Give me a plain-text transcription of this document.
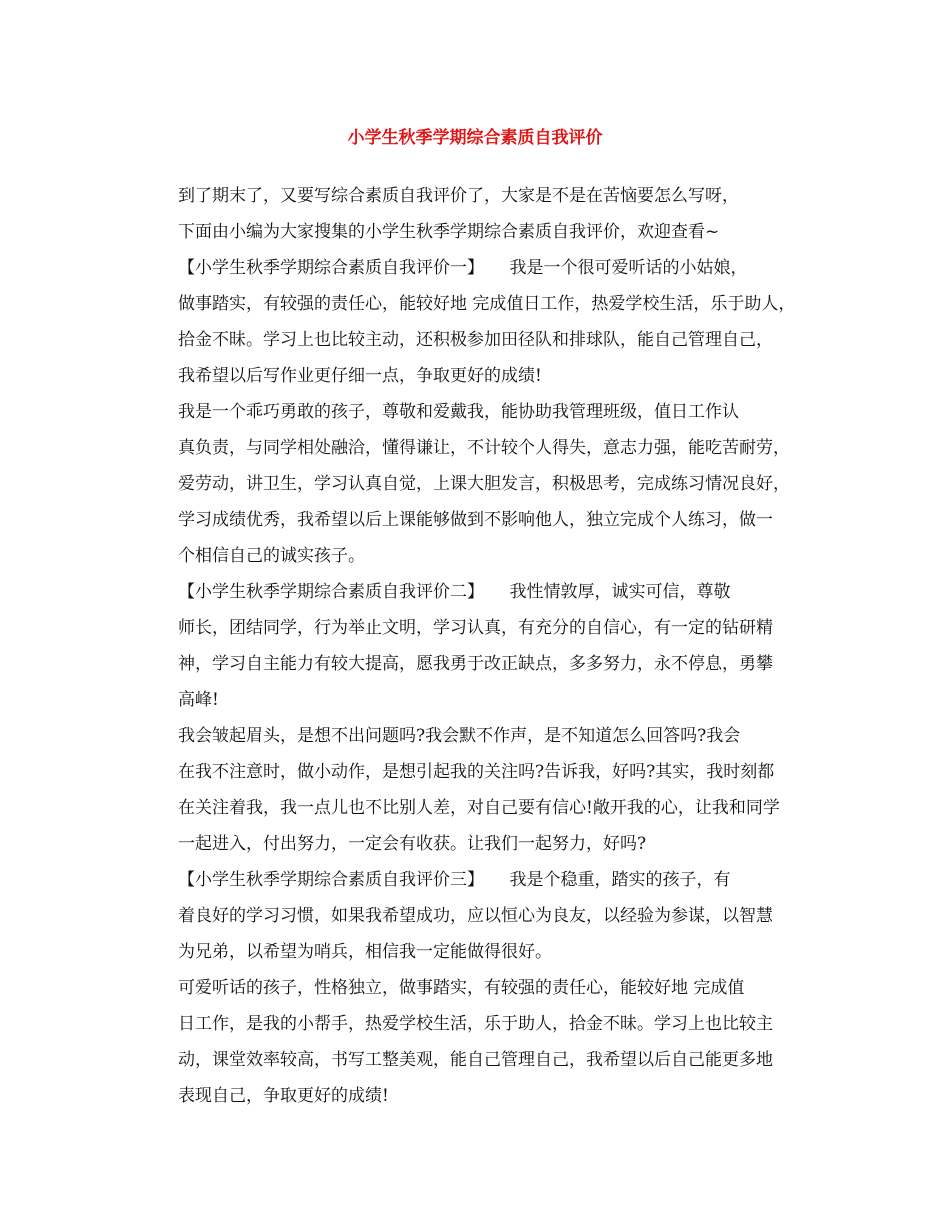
小学生秋季学期综合素质自我评价

到了期末了，又要写综合素质自我评价了，大家是不是在苦恼要怎么写呀，
下面由小编为大家搜集的小学生秋季学期综合素质自我评价，欢迎查看~

【小学生秋季学期综合素质自我评价一】　　我是一个很可爱听话的小姑娘，
做事踏实，有较强的责任心，能较好地 完成值日工作，热爱学校生活，乐于助人，
拾金不昧。学习上也比较主动，还积极参加田径队和排球队，能自己管理自己，
我希望以后写作业更仔细一点，争取更好的成绩!

我是一个乖巧勇敢的孩子，尊敬和爱戴我，能协助我管理班级，值日工作认
真负责，与同学相处融洽，懂得谦让，不计较个人得失，意志力强，能吃苦耐劳，
爱劳动，讲卫生，学习认真自觉，上课大胆发言，积极思考，完成练习情况良好，
学习成绩优秀，我希望以后上课能够做到不影响他人，独立完成个人练习，做一
个相信自己的诚实孩子。

【小学生秋季学期综合素质自我评价二】　　我性情敦厚，诚实可信，尊敬
师长，团结同学，行为举止文明，学习认真，有充分的自信心，有一定的钻研精
神，学习自主能力有较大提高，愿我勇于改正缺点，多多努力，永不停息，勇攀
高峰!

我会皱起眉头，是想不出问题吗?我会默不作声，是不知道怎么回答吗?我会
在我不注意时，做小动作，是想引起我的关注吗?告诉我，好吗?其实，我时刻都
在关注着我，我一点儿也不比别人差，对自己要有信心!敞开我的心，让我和同学
一起进入，付出努力，一定会有收获。让我们一起努力，好吗?

【小学生秋季学期综合素质自我评价三】　　我是个稳重，踏实的孩子，有
着良好的学习习惯，如果我希望成功，应以恒心为良友，以经验为参谋，以智慧
为兄弟，以希望为哨兵，相信我一定能做得很好。

可爱听话的孩子，性格独立，做事踏实，有较强的责任心，能较好地 完成值
日工作，是我的小帮手，热爱学校生活，乐于助人，拾金不昧。学习上也比较主
动，课堂效率较高，书写工整美观，能自己管理自己，我希望以后自己能更多地
表现自己，争取更好的成绩!
